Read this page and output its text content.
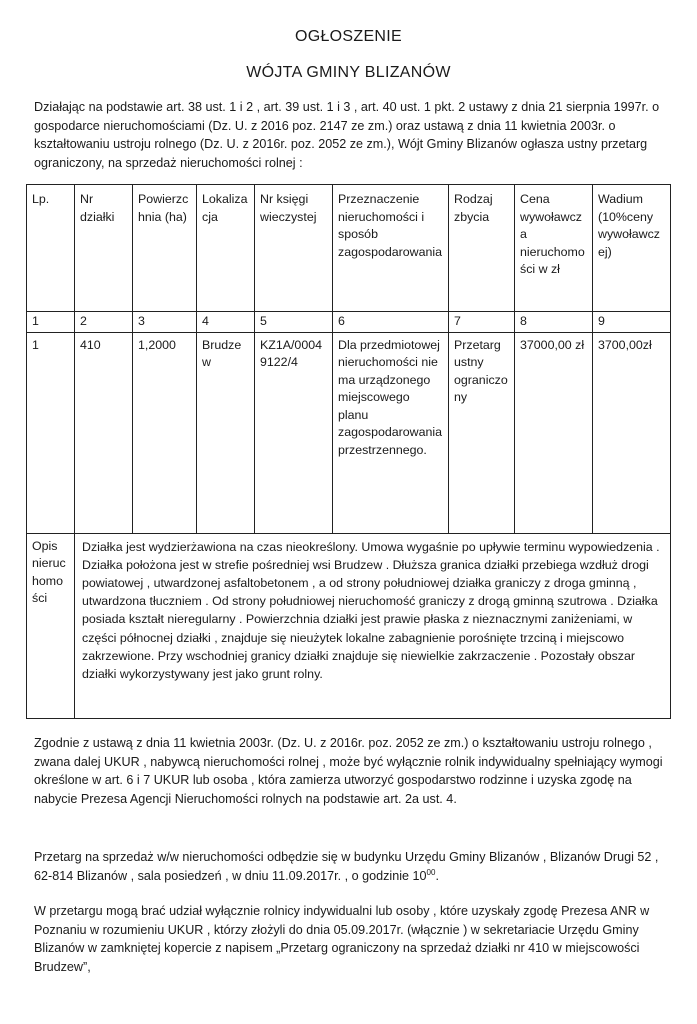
OGŁOSZENIE
WÓJTA GMINY BLIZANÓW
Działając na podstawie art. 38 ust. 1 i 2 , art. 39 ust. 1 i 3 , art. 40 ust. 1 pkt. 2 ustawy z dnia 21 sierpnia 1997r. o gospodarce nieruchomościami (Dz. U. z 2016 poz. 2147 ze zm.) oraz ustawą z dnia 11 kwietnia 2003r. o kształtowaniu ustroju rolnego (Dz. U. z 2016r. poz. 2052 ze zm.), Wójt Gminy Blizanów ogłasza ustny przetarg ograniczony, na sprzedaż nieruchomości rolnej :
Lp.	Nr działki	Powierzchnia (ha)	Lokalizacja	Nr księgi wieczystej	Przeznaczenie nieruchomości i sposób zagospodarowania	Rodzaj zbycia	Cena wywoławcza nieruchomości w zł	Wadium (10%ceny wywoławczej)
1	2	3	4	5	6	7	8	9
1	410	1,2000	Brudzew	KZ1A/00049122/4	Dla przedmiotowej nieruchomości nie ma urządzonego miejscowego planu zagospodarowania przestrzennego.	Przetarg ustny ograniczony	37000,00 zł	3700,00zł
Opis nieruchomości	Działka jest wydzierżawiona na czas nieokreślony. Umowa wygaśnie po upływie terminu wypowiedzenia . Działka położona jest w strefie pośredniej wsi Brudzew . Dłuższa granica działki przebiega wzdłuż drogi powiatowej , utwardzonej asfaltobetonem , a od strony południowej działka graniczy z droga gminną , utwardzona tłuczniem . Od strony południowej nieruchomość graniczy z drogą gminną szutrowa . Działka posiada kształt nieregularny . Powierzchnia działki jest prawie płaska z nieznacznymi zaniżeniami, w części północnej działki , znajduje się nieużytek lokalne zabagnienie porośnięte trzciną i miejscowo zakrzewione. Przy wschodniej granicy działki znajduje się niewielkie zakrzaczenie . Pozostały obszar działki wykorzystywany jest jako grunt rolny.							
Zgodnie z ustawą z dnia 11 kwietnia 2003r. (Dz. U. z 2016r. poz. 2052 ze zm.) o kształtowaniu ustroju rolnego , zwana dalej UKUR , nabywcą nieruchomości rolnej , może być wyłącznie rolnik indywidualny spełniający wymogi określone w art. 6 i 7 UKUR lub osoba , która zamierza utworzyć gospodarstwo rodzinne i uzyska zgodę na nabycie Prezesa Agencji Nieruchomości rolnych na podstawie art. 2a ust. 4.
Przetarg na sprzedaż w/w nieruchomości odbędzie się w budynku Urzędu Gminy Blizanów , Blizanów Drugi 52 , 62-814 Blizanów , sala posiedzeń , w dniu 11.09.2017r. , o godzinie $10^{00}$.
W przetargu mogą brać udział wyłącznie rolnicy indywidualni lub osoby , które uzyskały zgodę Prezesa ANR w Poznaniu w rozumieniu UKUR , którzy złożyli do dnia 05.09.2017r. (włącznie ) w sekretariacie Urzędu Gminy Blizanów w zamkniętej kopercie z napisem „Przetarg ograniczony na sprzedaż działki nr 410 w miejscowości Brudzew”,
